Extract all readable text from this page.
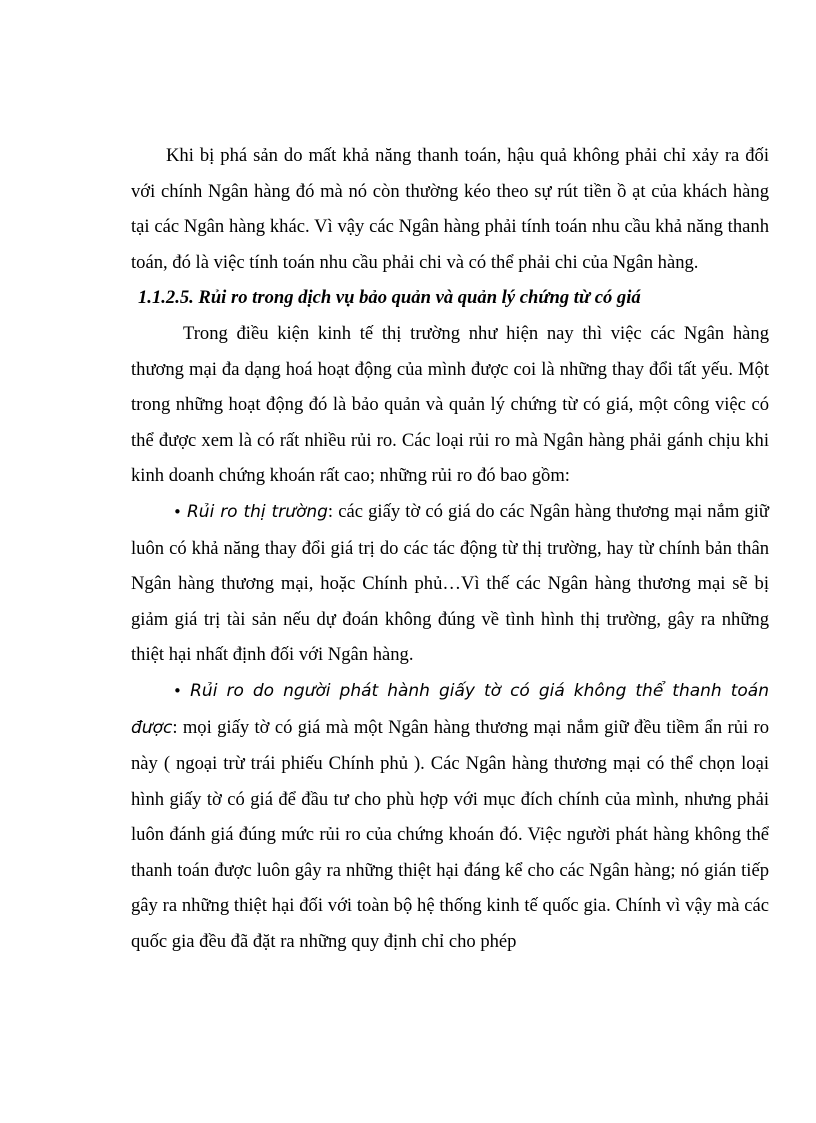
Khi bị phá sản do mất khả năng thanh toán, hậu quả không phải chỉ xảy ra đối với chính Ngân hàng đó mà nó còn thường kéo theo sự rút tiền ồ ạt của khách hàng tại các Ngân hàng khác. Vì vậy các Ngân hàng phải tính toán nhu cầu khả năng thanh toán, đó là việc tính toán nhu cầu phải chi và có thể phải chi của Ngân hàng.

1.1.2.5. Rủi ro trong dịch vụ bảo quản và quản lý chứng từ có giá

Trong điều kiện kinh tế thị trường như hiện nay thì việc các Ngân hàng thương mại đa dạng hoá hoạt động của mình được coi là những thay đổi tất yếu. Một trong những hoạt động đó là bảo quản và quản lý chứng từ có giá, một công việc có thể được xem là có rất nhiều rủi ro. Các loại rủi ro mà Ngân hàng phải gánh chịu khi kinh doanh chứng khoán rất cao; những rủi ro đó bao gồm:

• Rủi ro thị trường: các giấy tờ có giá do các Ngân hàng thương mại nắm giữ luôn có khả năng thay đổi giá trị do các tác động từ thị trường, hay từ chính bản thân Ngân hàng thương mại, hoặc Chính phủ…Vì thế các Ngân hàng thương mại sẽ bị giảm giá trị tài sản nếu dự đoán không đúng về tình hình thị trường, gây ra những thiệt hại nhất định đối với Ngân hàng.

• Rủi ro do người phát hành giấy tờ có giá không thể thanh toán được: mọi giấy tờ có giá mà một Ngân hàng thương mại nắm giữ đều tiềm ẩn rủi ro này ( ngoại trừ trái phiếu Chính phủ ). Các Ngân hàng thương mại có thể chọn loại hình giấy tờ có giá để đầu tư cho phù hợp với mục đích chính của mình, nhưng phải luôn đánh giá đúng mức rủi ro của chứng khoán đó. Việc người phát hàng không thể thanh toán được luôn gây ra những thiệt hại đáng kể cho các Ngân hàng; nó gián tiếp gây ra những thiệt hại đối với toàn bộ hệ thống kinh tế quốc gia. Chính vì vậy mà các quốc gia đều đã đặt ra những quy định chỉ cho phép
